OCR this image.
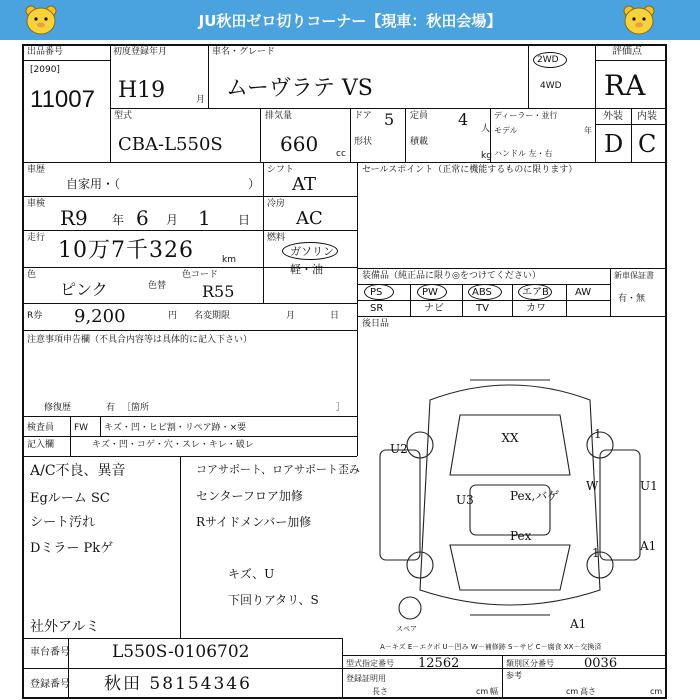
JU秋田ゼロ切りコーナー【現車：秋田会場】
出品番号
[2090]
11007
初度登録年月
H19	月
車名・グレード
ムーヴラテ VS
2WD
4WD
評価点
RA
外装 内装
D C
型式
CBA-L550S
排気量
660 cc
ドア 5 定員 4 人
形状	積載
kg
ディーラー・並行
モデル	年
ハンドル 左・右
車歴
自家用・（	）
シフト
AT
車検
R9 年 6 月 1 日
冷房
AC
走行 10万7千326	km
燃料
ガソリン
軽・油
色
ピンク	色替
色コード
R55
R券 9,200	円 名変期限	月	日
注意事項申告欄（不具合内容等は具体的に記入下さい）
修復歴	有 ［箇所	］
セールスポイント（正常に機能するものに限ります）
装備品（純正品に限り◎をつけてください）	新車保証書
有・無
PS	PW	ABS	エアB	AW
SR	ナビ	TV	カワ
後日品
検査員
記入欄
FW キズ・凹・ヒビ割・リペア跡・×要
キズ・凹・コゲ・穴・スレ・キレ・破レ
A/C不良、異音
Egルーム SC
シート汚れ
Dミラー Pkゲ
社外アルミ
コアサポート、ロアサポート歪み
センターフロア加修
Rサイドメンバー加修
キズ、U
下回りアタリ、S
XX
U2
U3	Pex,バゲ
Pex
W	U1
A1
A1
1
1
スペア
A－キズ E－エクボ U－凹み W－補修跡 S－サビ C－腐食 XX－交換済
車台番号 L550S-0106702
登録番号 秋田 58154346
型式指定番号 12562	類別区分番号 0036
登録証明用	参考
長さ	cm 幅	cm 高さ	cm
